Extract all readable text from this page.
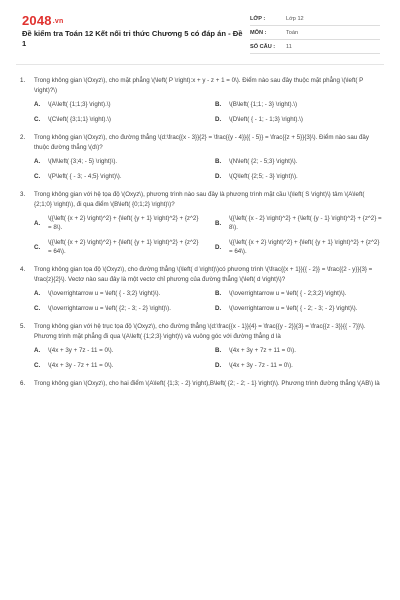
2048.vn
Đề kiểm tra Toán 12 Kết nối tri thức Chương 5 có đáp án - Đề 1
LỚP :	Lớp 12
MÔN :	Toán
SỐ CÂU :	11
1.	Trong không gian \(Oxyz\), cho mặt phẳng \(\left( P \right):x + y - z + 1 = 0\). Điểm nào sau đây thuộc mặt phẳng \(\left( P \right)?\)
A.	\(A\left( {1;1;3} \right).\)	B.	\(B\left( {1;1; - 3} \right).\)
C.	\(C\left( {3;1;1} \right).\)	D.	\(D\left( { - 1; - 1;3} \right).\)
2.	Trong không gian \(Oxyz\), cho đường thẳng \(d:\frac{{x - 3}}{2} = \frac{{y - 4}}{{ - 5}} = \frac{{z + 5}}{3}\). Điểm nào sau đây thuộc đường thẳng \(d\)?
A.	\(M\left( {3;4; - 5} \right)\).	B.	\(N\left( {2; - 5;3} \right)\).
C.	\(P\left( { - 3; - 4;5} \right)\).	D.	\(Q\left( {2;5; - 3} \right)\).
3.	Trong không gian với hệ tọa độ \(Oxyz\), phương trình nào sau đây là phương trình mặt cầu \(\left( S \right)\) tâm \(A\left( {2;1;0} \right)\), đi qua điểm \(B\left( {0;1;2} \right)\)?
A.
\({\left( {x + 2} \right)^2} + {\left( {y + 1} \right)^2} + {z^2} = 8\).
B.
\({\left( {x - 2} \right)^2} + {\left( {y - 1} \right)^2} + {z^2} = 8\).
C.
\({\left( {x + 2} \right)^2} + {\left( {y + 1} \right)^2} + {z^2} = 64\).
D.
\({\left( {x + 2} \right)^2} + {\left( {y + 1} \right)^2} + {z^2} = 64\).
4.	Trong không gian tọa độ \(Oxyz\), cho đường thẳng \(\left( d \right)\)có phương trình \(\frac{{x + 1}}{{ - 2}} = \frac{{2 - y}}{3} = \frac{z}{2}\). Vectơ nào sau đây là một vectơ chỉ phương của đường thẳng \(\left( d \right)\)?
A.	\(\overrightarrow u = \left( { - 3;2} \right)\).	B.	\(\overrightarrow u = \left( { - 2;3;2} \right)\).
C.	\(\overrightarrow u = \left( {2; - 3; - 2} \right)\).	D.	\(\overrightarrow u = \left( { - 2; - 3; - 2} \right)\).
5.	Trong không gian với hệ trục tọa độ \(Oxyz\), cho đường thẳng \(d:\frac{{x - 1}}{4} = \frac{{y - 2}}{3} = \frac{{z - 3}}{{ - 7}}\). Phương trình mặt phẳng đi qua \(A\left( {1;2;3} \right)\) và vuông góc với đường thẳng d là
A.	\(4x + 3y + 7z - 11 = 0\).	B.	\(4x + 3y + 7z + 11 = 0\).
C.	\(4x + 3y - 7z + 11 = 0\).	D.	\(4x + 3y - 7z - 11 = 0\).
6.	Trong không gian \(Oxyz\), cho hai điểm \(A\left( {1;3; - 2} \right),B\left( {2; - 2; - 1} \right)\). Phương trình đường thẳng \(AB\) là
